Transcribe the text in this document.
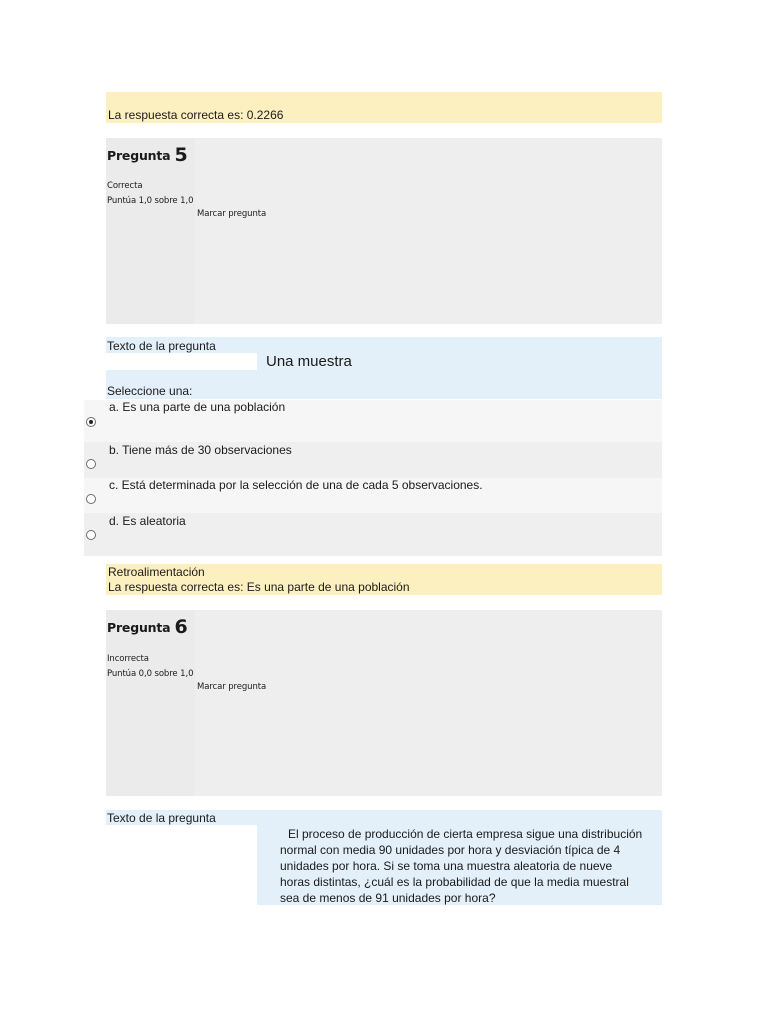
La respuesta correcta es: 0.2266
Pregunta 5
Correcta
Puntúa 1,0 sobre 1,0
Marcar pregunta
Texto de la pregunta
Una muestra
Seleccione una:
a. Es una parte de una población
b. Tiene más de 30 observaciones
c. Está determinada por la selección de una de cada 5 observaciones.
d. Es aleatoria
Retroalimentación
La respuesta correcta es: Es una parte de una población
Pregunta 6
Incorrecta
Puntúa 0,0 sobre 1,0
Marcar pregunta
Texto de la pregunta
El proceso de producción de cierta empresa sigue una distribución
normal con media 90 unidades por hora y desviación típica de 4
unidades por hora. Si se toma una muestra aleatoria de nueve
horas distintas, ¿cuál es la probabilidad de que la media muestral
sea de menos de 91 unidades por hora?
